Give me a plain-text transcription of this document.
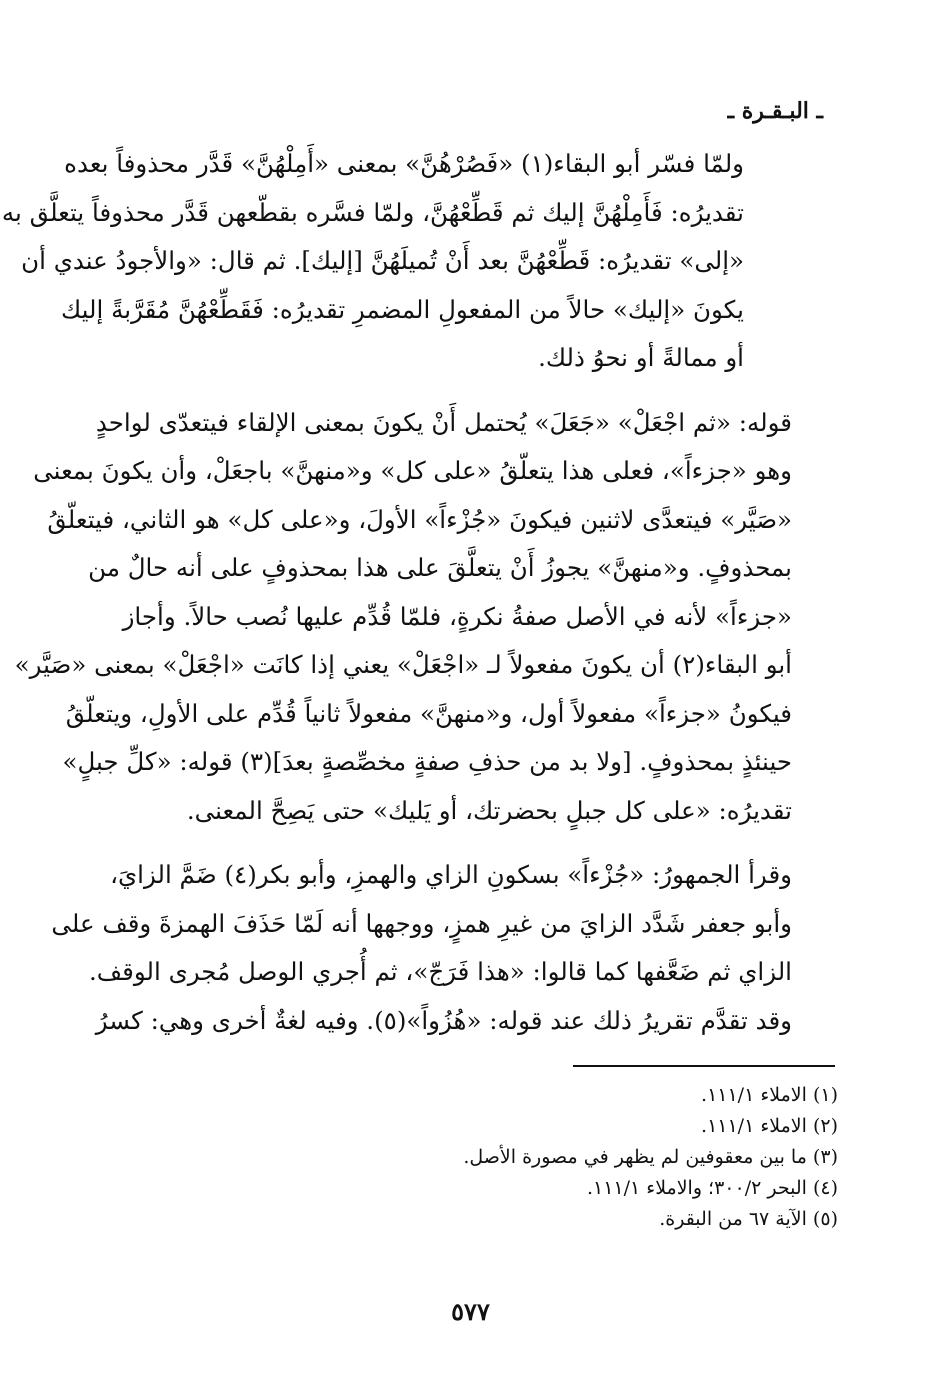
ـ البـقـرة ـ
ولمّا فسّر أبو البقاء(١) «فَصُرْهُنَّ» بمعنى «أَمِلْهُنَّ» قَدَّر محذوفاً بعده
تقديرُه: فَأَمِلْهُنَّ إليك ثم قَطِّعْهُنَّ، ولمّا فسَّره بقطّعهن قَدَّر محذوفاً يتعلَّق به
«إلى» تقديرُه: قَطِّعْهُنَّ بعد أَنْ تُميلَهُنَّ [إليك]. ثم قال: «والأجودُ عندي أن
يكونَ «إليك» حالاً من المفعولِ المضمرِ تقديرُه: فَقَطِّعْهُنَّ مُقَرَّبةً إليك
أو ممالةً أو نحوُ ذلك.
قوله: «ثم اجْعَلْ» «جَعَلَ» يُحتمل أَنْ يكونَ بمعنى الإلقاء فيتعدّى لواحدٍ
وهو «جزءاً»، فعلى هذا يتعلّقُ «على كل» و«منهنَّ» باجعَلْ، وأن يكونَ بمعنى
«صَيَّر» فيتعدَّى لاثنين فيكونَ «جُزْءاً» الأولَ، و«على كل» هو الثاني، فيتعلّقُ
بمحذوفٍ. و«منهنَّ» يجوزُ أَنْ يتعلَّقَ على هذا بمحذوفٍ على أنه حالٌ من
«جزءاً» لأنه في الأصل صفةُ نكرةٍ، فلمّا قُدِّم عليها نُصب حالاً. وأجاز
أبو البقاء(٢) أن يكونَ مفعولاً لـ «اجْعَلْ» يعني إذا كانَت «اجْعَلْ» بمعنى «صَيَّر»
فيكونُ «جزءاً» مفعولاً أول، و«منهنَّ» مفعولاً ثانياً قُدِّم على الأولِ، ويتعلّقُ
حينئذٍ بمحذوفٍ. [ولا بد من حذفِ صفةٍ مخصِّصةٍ بعدَ](٣) قوله: «كلِّ جبلٍ»
تقديرُه: «على كل جبلٍ بحضرتك، أو يَليك» حتى يَصِحَّ المعنى.
وقرأ الجمهورُ: «جُزْءاً» بسكونِ الزاي والهمزِ، وأبو بكر(٤) ضَمَّ الزايَ،
وأبو جعفر شَدَّد الزايَ من غيرِ همزٍ، ووجهها أنه لَمّا حَذَفَ الهمزةَ وقف على
الزاي ثم ضَعَّفها كما قالوا: «هذا فَرَجّ»، ثم أُجري الوصل مُجرى الوقف.
وقد تقدَّم تقريرُ ذلك عند قوله: «هُزُواً»(٥). وفيه لغةٌ أخرى وهي: كسرُ
(١) الاملاء ١١١/١.
(٢) الاملاء ١١١/١.
(٣) ما بين معقوفين لم يظهر في مصورة الأصل.
(٤) البحر ٣٠٠/٢؛ والاملاء ١١١/١.
(٥) الآية ٦٧ من البقرة.
٥٧٧
